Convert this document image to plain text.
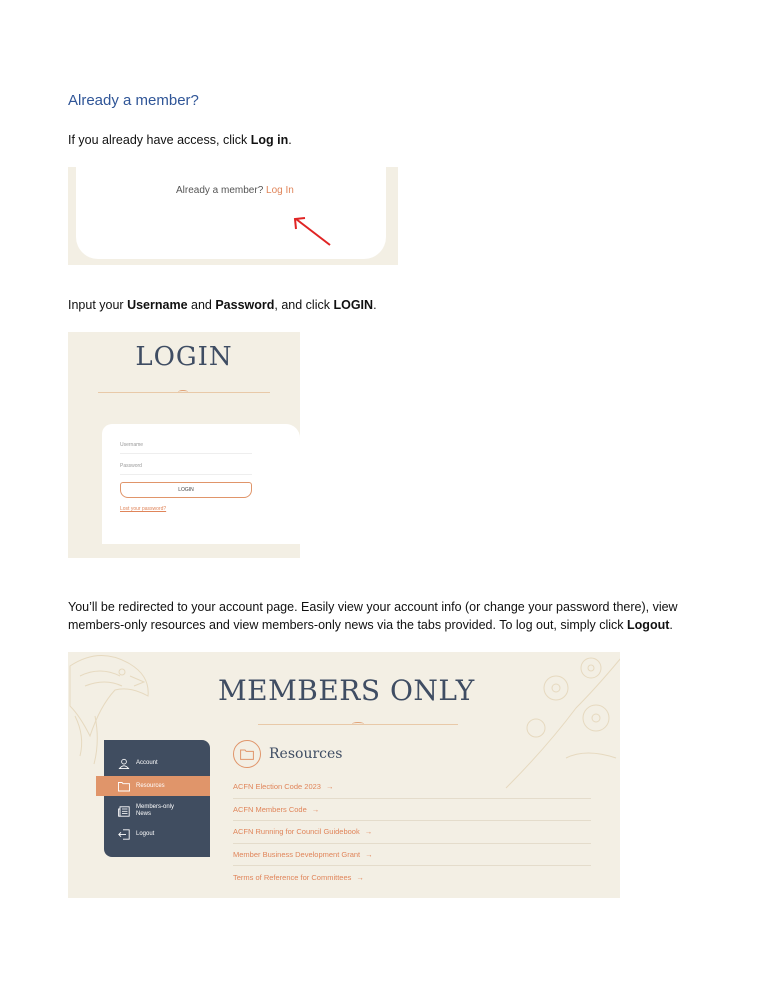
Already a member?
If you already have access, click Log in.
Already a member? Log In
Input your Username and Password, and click LOGIN.
LOGIN
Username
Password
LOGIN
Lost your password?
You’ll be redirected to your account page. Easily view your account info (or change your password there), view members-only resources and view members-only news via the tabs provided. To log out, simply click Logout.
MEMBERS ONLY
Account
Resources
Members-only
News
Logout
Resources
ACFN Election Code 2023 →
ACFN Members Code →
ACFN Running for Council Guidebook →
Member Business Development Grant →
Terms of Reference for Committees →
